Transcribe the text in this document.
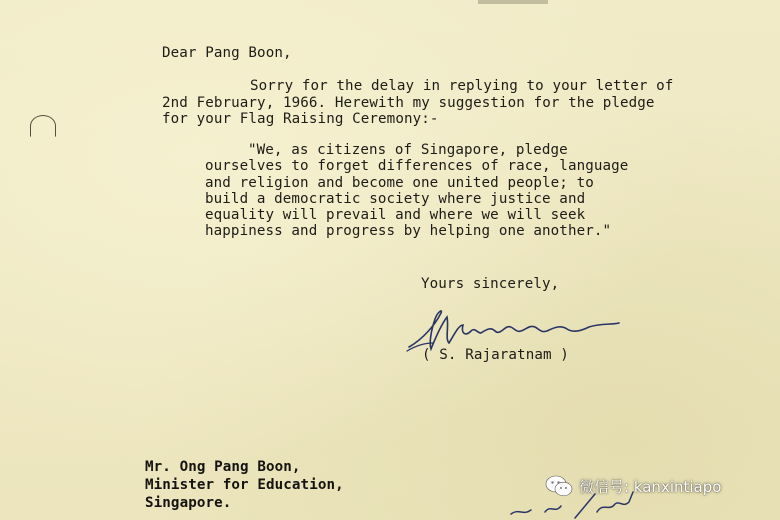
Dear Pang Boon,
Sorry for the delay in replying to your letter of
2nd February, 1966. Herewith my suggestion for the pledge
for your Flag Raising Ceremony:-
"We, as citizens of Singapore, pledge
ourselves to forget differences of race, language
and religion and become one united people; to
build a democratic society where justice and
equality will prevail and where we will seek
happiness and progress by helping one another."
Yours sincerely,
( S. Rajaratnam )
Mr. Ong Pang Boon,
Minister for Education,
Singapore.
微信号: kanxintiapo
